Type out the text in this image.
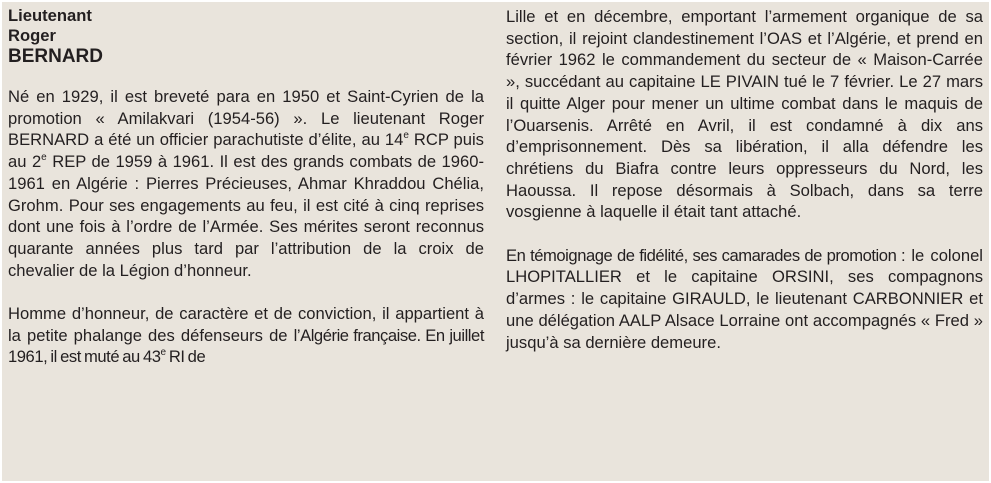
Lieutenant
Roger
BERNARD

Né en 1929, il est breveté para en 1950 et Saint-Cyrien de la promotion « Amilakvari (1954-56) ». Le lieutenant Roger BERNARD a été un officier parachutiste d’élite, au 14e RCP puis au 2e REP de 1959 à 1961. Il est des grands combats de 1960-1961 en Algérie : Pierres Précieuses, Ahmar Khraddou Chélia, Grohm. Pour ses engagements au feu, il est cité à cinq reprises dont une fois à l’ordre de l’Armée. Ses mérites seront reconnus quarante années plus tard par l’attribution de la croix de chevalier de la Légion d’honneur.

Homme d’honneur, de caractère et de conviction, il appartient à la petite phalange des défenseurs de l’Algérie française. En juillet 1961, il est muté au 43e RI de

Lille et en décembre, emportant l’armement organique de sa section, il rejoint clandestinement l’OAS et l’Algérie, et prend en février 1962 le commandement du secteur de « Maison-Carrée », succédant au capitaine LE PIVAIN tué le 7 février. Le 27 mars il quitte Alger pour mener un ultime combat dans le maquis de l’Ouarsenis. Arrêté en Avril, il est condamné à dix ans d’emprisonnement. Dès sa libération, il alla défendre les chrétiens du Biafra contre leurs oppresseurs du Nord, les Haoussa. Il repose désormais à Solbach, dans sa terre vosgienne à laquelle il était tant attaché.

En témoignage de fidélité, ses camarades de promotion : le colonel LHOPITALLIER et le capitaine ORSINI, ses compagnons d’armes : le capitaine GIRAULD, le lieutenant CARBONNIER et une délégation AALP Alsace Lorraine ont accompagnés « Fred » jusqu’à sa dernière demeure.
